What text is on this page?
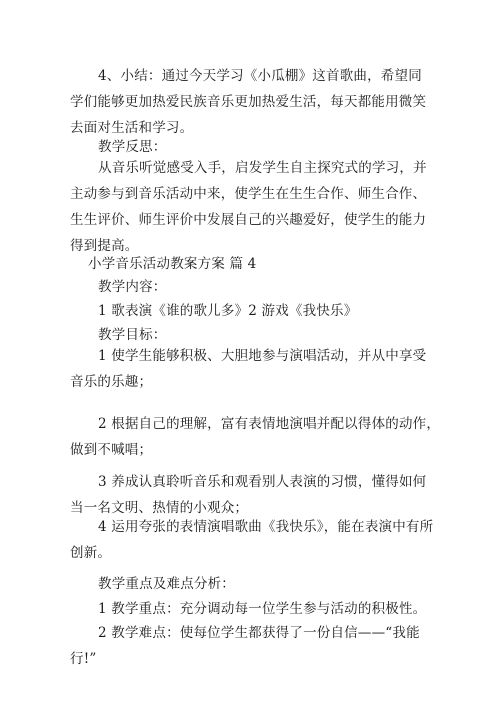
4、小结：通过今天学习《小瓜棚》这首歌曲，希望同
学们能够更加热爱民族音乐更加热爱生活，每天都能用微笑
去面对生活和学习。
教学反思：
从音乐听觉感受入手，启发学生自主探究式的学习，并
主动参与到音乐活动中来，使学生在生生合作、师生合作、
生生评价、师生评价中发展自己的兴趣爱好，使学生的能力
得到提高。
小学音乐活动教案方案 篇 4
教学内容：
1 歌表演《谁的歌儿多》2 游戏《我快乐》
教学目标：
1 使学生能够积极、大胆地参与演唱活动，并从中享受
音乐的乐趣；
2 根据自己的理解，富有表情地演唱并配以得体的动作，
做到不喊唱；
3 养成认真聆听音乐和观看别人表演的习惯，懂得如何
当一名文明、热情的小观众；
4 运用夸张的表情演唱歌曲《我快乐》，能在表演中有所
创新。
教学重点及难点分析：
1 教学重点：充分调动每一位学生参与活动的积极性。
2 教学难点：使每位学生都获得了一份自信——“我能
行!”
